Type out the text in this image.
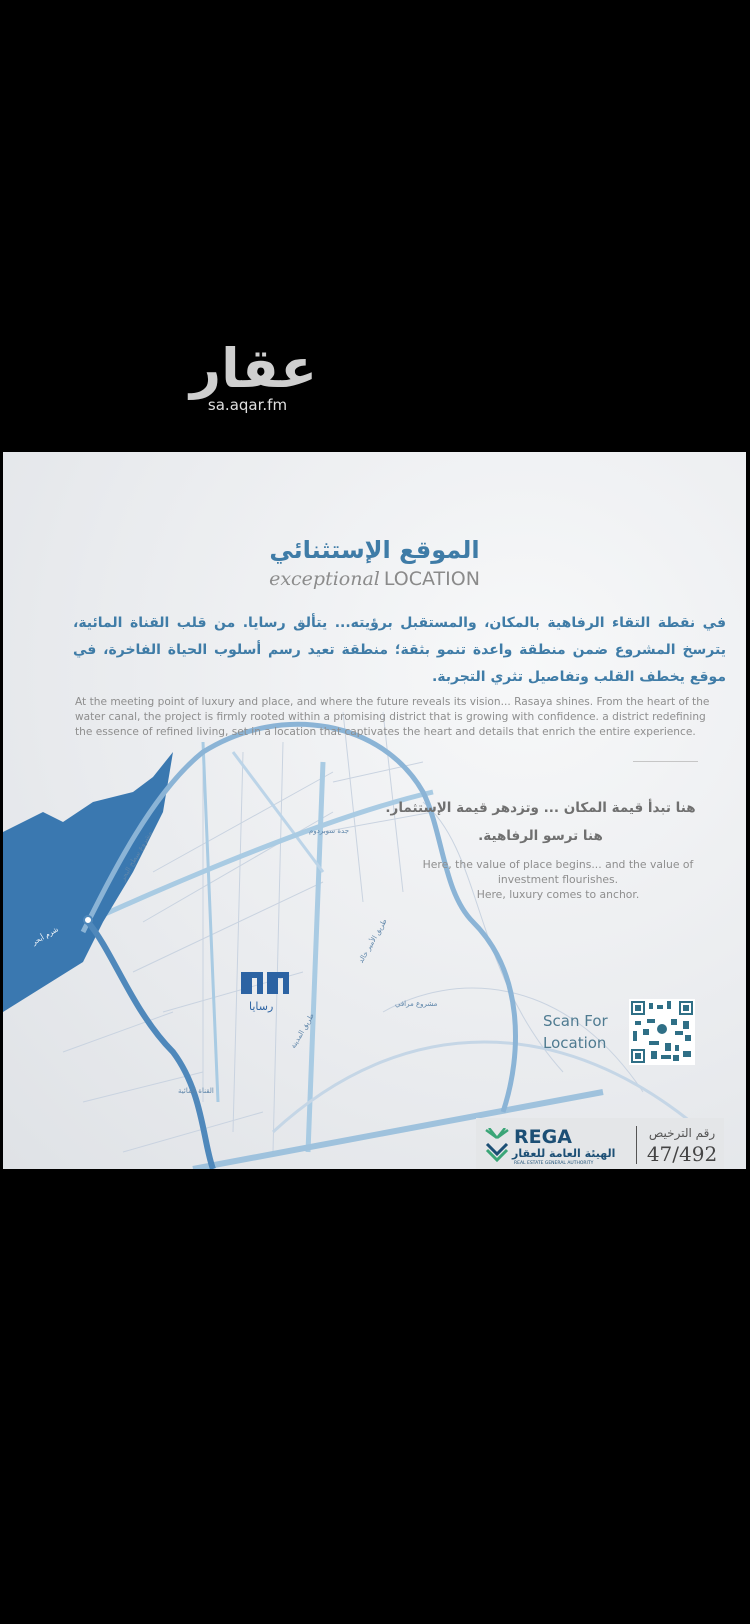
عقار
sa.aqar.fm
جدة سوبردوم
مشروع سطح البحر
شرم أبحر	طريق الأمير خالد
مشروع مرافي
طريق المدينة
القناة المائية
رسايا
الموقع الإستثنائي
exceptional LOCATION
في نقطة التقاء الرفاهية بالمكان، والمستقبل برؤيته... يتألق رسايا. من قلب القناة المائية، يترسخ المشروع ضمن منطقة واعدة تنمو بثقة؛ منطقة تعيد رسم أسلوب الحياة الفاخرة، في موقع يخطف القلب وتفاصيل تثري التجربة.
At the meeting point of luxury and place, and where the future reveals its vision... Rasaya shines. From the heart of the water canal, the project is firmly rooted within a promising district that is growing with confidence. a district redefining the essence of refined living, set in a location that captivates the heart and details that enrich the entire experience.
هنا تبدأ قيمة المكان ... وتزدهر قيمة الإستثمار.
هنا ترسو الرفاهية.
Here, the value of place begins... and the value of investment flourishes.
Here, luxury comes to anchor.
Scan For
Location
REGA
الهيئة العامة للعقار
REAL ESTATE GENERAL AUTHORITY
رقم الترخيص
47/492
